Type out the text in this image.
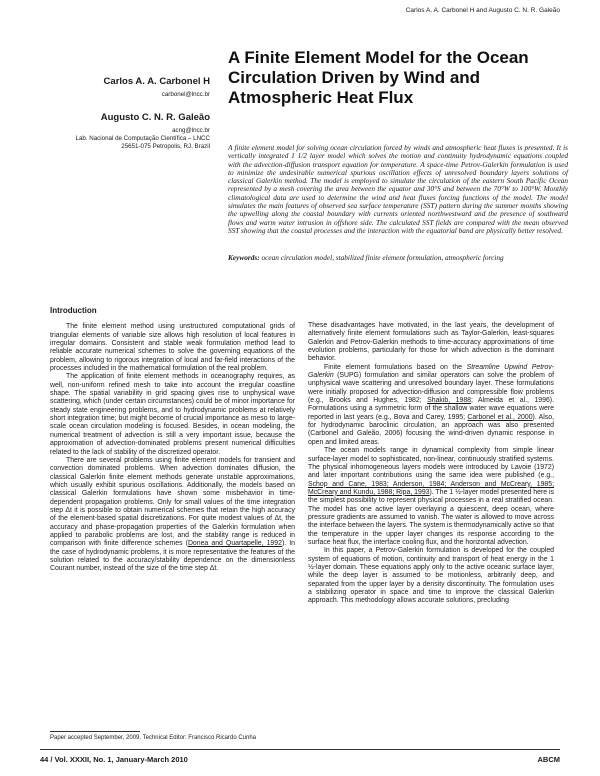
Carlos A. A. Carbonel H and Augusto C. N. R. Galeão
A Finite Element Model for the Ocean Circulation Driven by Wind and Atmospheric Heat Flux
Carlos A. A. Carbonel H
carbonel@lncc.br
Augusto C. N. R. Galeão
acng@lncc.br
Lab. Nacional de Computação Científica – LNCC
25651-075 Petropolis, RJ, Brazil A finite element model for solving ocean circulation forced by winds and atmospheric heat fluxes is presented. It is vertically integrated 1 1/2 layer model which solves the motion and continuity hydrodynamic equations coupled with the advection-diffusion transport equation for temperature. A space-time Petrov-Galerkin formulation is used to minimize the undesirable numerical spurious oscillation effects of unresolved boundary layers solutions of classical Galerkin method. The model is employed to simulate the circulation of the eastern South Pacific Ocean represented by a mesh covering the area between the equator and 30°S and between the 70°W to 100°W. Monthly climatological data are used to determine the wind and heat fluxes forcing functions of the model. The model simulates the main features of observed sea surface temperature (SST) pattern during the summer months showing the upwelling along the coastal boundary with currents oriented northwestward and the presence of southward flows and warm water intrusion in offshore side. The calculated SST fields are compared with the mean observed SST showing that the coastal processes and the interaction with the equatorial band are physically better resolved.
Keywords: ocean circulation model, stabilized finite element formulation, atmospheric forcing
Introduction

The finite element method using unstructured computational grids of triangular elements of variable size allows high resolution of local features in irregular domains. Consistent and stable weak formulation method lead to reliable accurate numerical schemes to solve the governing equations of the problem, allowing to rigorous integration of local and far-field interactions of the processes included in the mathematical formulation of the real problem.

The application of finite element methods in oceanography requires, as well, non-uniform refined mesh to take into account the irregular coastline shape. The spatial variability in grid spacing gives rise to unphysical wave scattering, which (under certain circumstances) could be of minor importance for steady state engineering problems, and to hydrodynamic problems at relatively short integration time; but might become of crucial importance as meso to large-scale ocean circulation modeling is focused. Besides, in ocean modeling, the numerical treatment of advection is still a very important issue, because the approximation of advection-dominated problems present numerical difficulties related to the lack of stability of the discretized operator.

There are several problems using finite element models for transient and convection dominated problems. When advection dominates diffusion, the classical Galerkin finite element methods generate unstable approximations, which usually exhibit spurious oscillations. Additionally, the models based on classical Galerkin formulations have shown some misbehavior in time-dependent propagation problems. Only for small values of the time integration step Δt it is possible to obtain numerical schemes that retain the high accuracy of the element-based spatial discretizations. For quite modest values of Δt, the accuracy and phase-propagation properties of the Galerkin formulation when applied to parabolic problems are lost, and the stability range is reduced in comparison with finite difference schemes (Donea and Quartapelle, 1992). In the case of hydrodynamic problems, it is more representative the features of the solution related to the accuracy/stability dependence on the dimensionless Courant number, instead of the size of the time step Δt.

Paper accepted September, 2009. Technical Editor: Francisco Ricardo Cunha

These disadvantages have motivated, in the last years, the development of alternatively finite element formulations such as Taylor-Galerkin, least-squares Galerkin and Petrov-Galerkin methods to time-accuracy approximations of time evolution problems, particularly for those for which advection is the dominant behavior.

Finite element formulations based on the Streamline Upwind Petrov-Galerkin (SUPG) formulation and similar operators can solve the problem of unphysical wave scattering and unresolved boundary layer. These formulations were initially proposed for advection-diffusion and compressible flow problems (e.g., Brooks and Hughes, 1982; Shakib, 1988; Almeida et al., 1996). Formulations using a symmetric form of the shallow water wave equations were reported in last years (e.g., Bova and Carey, 1995; Carbonel et al., 2000). Also, for hydrodynamic baroclinic circulation, an approach was also presented (Carbonel and Galeão, 2006) focusing the wind-driven dynamic response in open and limited areas.

The ocean models range in dynamical complexity from simple linear surface-layer model to sophisticated, non-linear, continuously stratified systems. The physical inhomogeneous layers models were introduced by Lavoie (1972) and later important contributions using the same idea were published (e.g., Schop and Cane, 1983; Anderson, 1984; Anderson and McCreary, 1985; McCreary and Kundu, 1988; Ripa, 1993). The 1 ½-layer model presented here is the simplest possibility to represent physical processes in a real stratified ocean. The model has one active layer overlaying a quiescent, deep ocean, where pressure gradients are assumed to vanish. The water is allowed to move across the interface between the layers. The system is thermodynamically active so that the temperature in the upper layer changes its response according to the surface heat flux, the interface cooling flux, and the horizontal advection.

In this paper, a Petrov-Galerkin formulation is developed for the coupled system of equations of motion, continuity and transport of heat energy in the 1 ½-layer domain. These equations apply only to the active oceanic surface layer, while the deep layer is assumed to be motionless, arbitrarily deep, and separated from the upper layer by a density discontinuity. The formulation uses a stabilizing operator in space and time to improve the classical Galerkin approach. This methodology allows accurate solutions, precluding

44 / Vol. XXXII, No. 1, January-March 2010	ABCM
